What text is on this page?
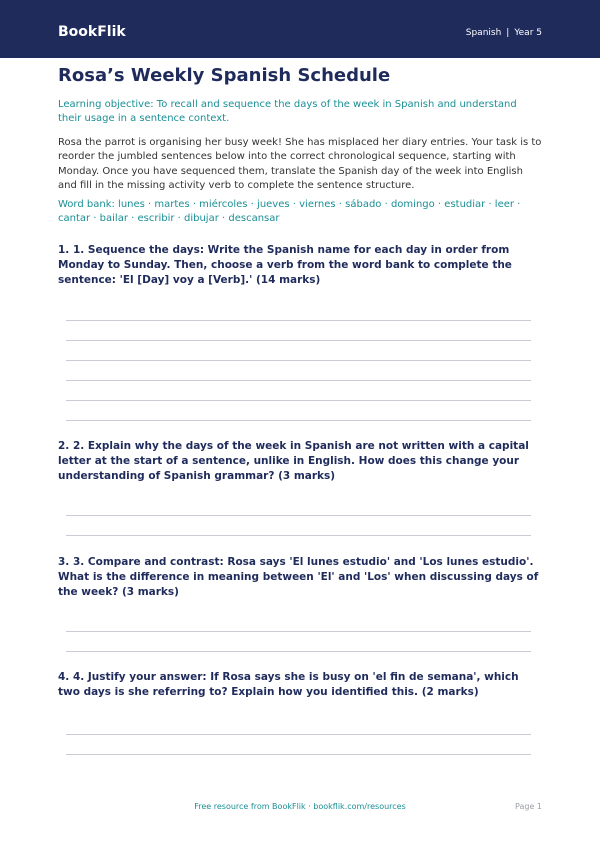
BookFlik	Spanish | Year 5
Rosa’s Weekly Spanish Schedule

Learning objective: To recall and sequence the days of the week in Spanish and understand their usage in a sentence context.

Rosa the parrot is organising her busy week! She has misplaced her diary entries. Your task is to reorder the jumbled sentences below into the correct chronological sequence, starting with Monday. Once you have sequenced them, translate the Spanish day of the week into English and fill in the missing activity verb to complete the sentence structure.

Word bank: lunes · martes · miércoles · jueves · viernes · sábado · domingo · estudiar · leer · cantar · bailar · escribir · dibujar · descansar

1. 1. Sequence the days: Write the Spanish name for each day in order from Monday to Sunday. Then, choose a verb from the word bank to complete the sentence: 'El [Day] voy a [Verb].' (14 marks)

2. 2. Explain why the days of the week in Spanish are not written with a capital letter at the start of a sentence, unlike in English. How does this change your understanding of Spanish grammar? (3 marks)

3. 3. Compare and contrast: Rosa says 'El lunes estudio' and 'Los lunes estudio'. What is the difference in meaning between 'El' and 'Los' when discussing days of the week? (3 marks)

4. 4. Justify your answer: If Rosa says she is busy on 'el fin de semana', which two days is she referring to? Explain how you identified this. (2 marks)

Free resource from BookFlik · bookflik.com/resources	Page 1
